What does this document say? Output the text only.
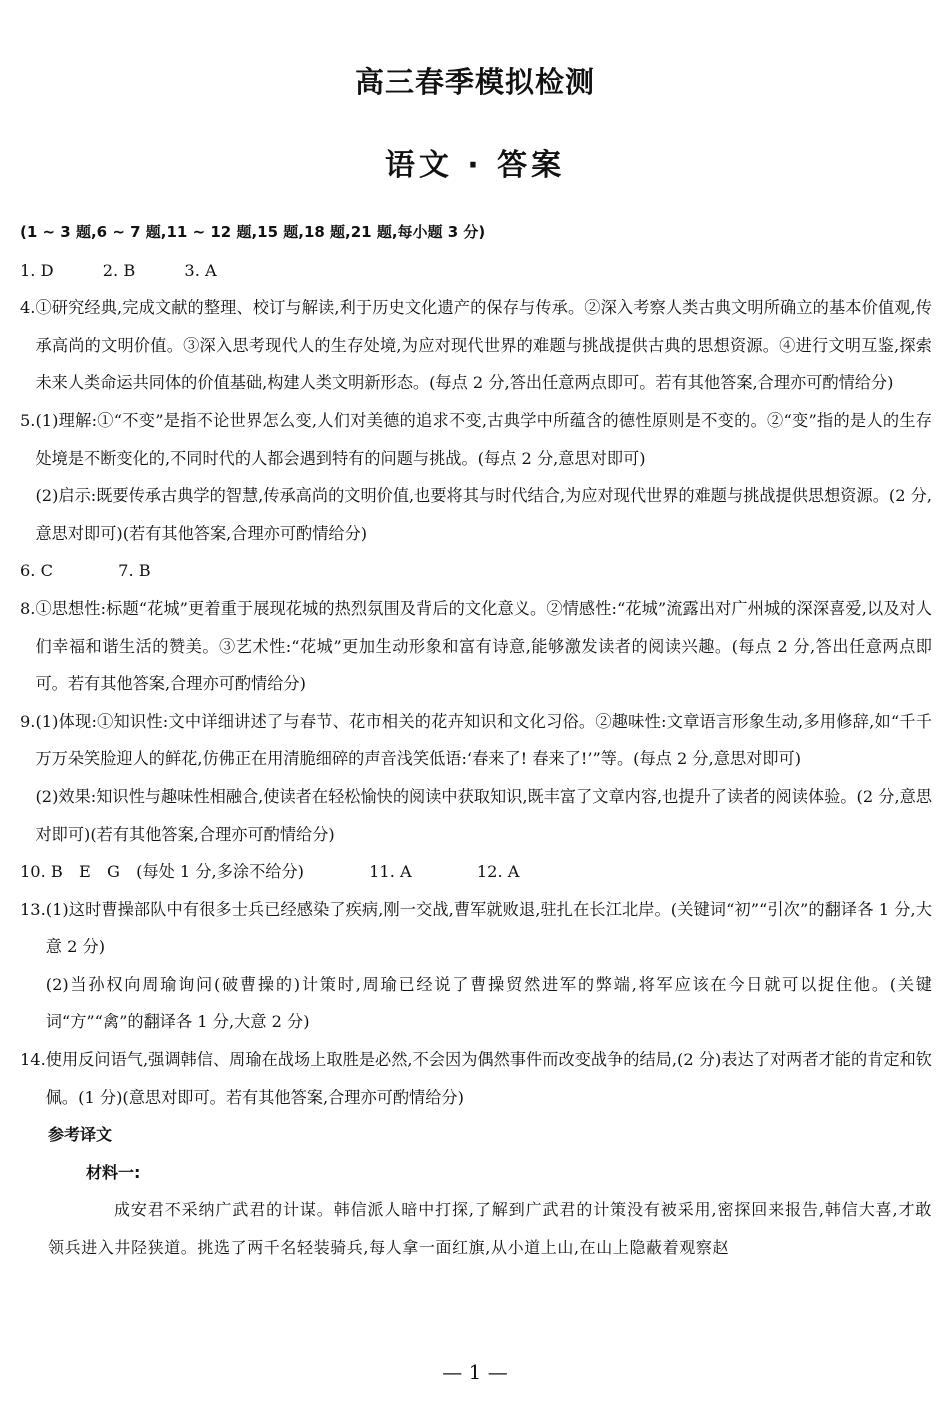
高三春季模拟检测
语文 · 答案
(1 ~ 3 题,6 ~ 7 题,11 ~ 12 题,15 题,18 题,21 题,每小题 3 分)
1. D	2. B	3. A
4. ①研究经典,完成文献的整理、校订与解读,利于历史文化遗产的保存与传承。②深入考察人类古典文明所确立的基本价值观,传承高尚的文明价值。③深入思考现代人的生存处境,为应对现代世界的难题与挑战提供古典的思想资源。④进行文明互鉴,探索未来人类命运共同体的价值基础,构建人类文明新形态。(每点 2 分,答出任意两点即可。若有其他答案,合理亦可酌情给分)
5. (1)理解:①“不变”是指不论世界怎么变,人们对美德的追求不变,古典学中所蕴含的德性原则是不变的。②“变”指的是人的生存处境是不断变化的,不同时代的人都会遇到特有的问题与挑战。(每点 2 分,意思对即可)
(2)启示:既要传承古典学的智慧,传承高尚的文明价值,也要将其与时代结合,为应对现代世界的难题与挑战提供思想资源。(2 分,意思对即可)(若有其他答案,合理亦可酌情给分)
6. C	7. B
8. ①思想性:标题“花城”更着重于展现花城的热烈氛围及背后的文化意义。②情感性:“花城”流露出对广州城的深深喜爱,以及对人们幸福和谐生活的赞美。③艺术性:“花城”更加生动形象和富有诗意,能够激发读者的阅读兴趣。(每点 2 分,答出任意两点即可。若有其他答案,合理亦可酌情给分)
9. (1)体现:①知识性:文中详细讲述了与春节、花市相关的花卉知识和文化习俗。②趣味性:文章语言形象生动,多用修辞,如“千千万万朵笑脸迎人的鲜花,仿佛正在用清脆细碎的声音浅笑低语:‘春来了! 春来了!’”等。(每点 2 分,意思对即可)
(2)效果:知识性与趣味性相融合,使读者在轻松愉快的阅读中获取知识,既丰富了文章内容,也提升了读者的阅读体验。(2 分,意思对即可)(若有其他答案,合理亦可酌情给分)
10. B　E　G　(每处 1 分,多涂不给分)	11. A	12. A
13. (1)这时曹操部队中有很多士兵已经感染了疾病,刚一交战,曹军就败退,驻扎在长江北岸。(关键词“初”“引次”的翻译各 1 分,大意 2 分)
(2)当孙权向周瑜询问(破曹操的)计策时,周瑜已经说了曹操贸然进军的弊端,将军应该在今日就可以捉住他。(关键词“方”“禽”的翻译各 1 分,大意 2 分)
14. 使用反问语气,强调韩信、周瑜在战场上取胜是必然,不会因为偶然事件而改变战争的结局,(2 分)表达了对两者才能的肯定和钦佩。(1 分)(意思对即可。若有其他答案,合理亦可酌情给分)
参考译文
材料一:
成安君不采纳广武君的计谋。韩信派人暗中打探,了解到广武君的计策没有被采用,密探回来报告,韩信大喜,才敢领兵进入井陉狭道。挑选了两千名轻装骑兵,每人拿一面红旗,从小道上山,在山上隐蔽着观察赵
— 1 —
